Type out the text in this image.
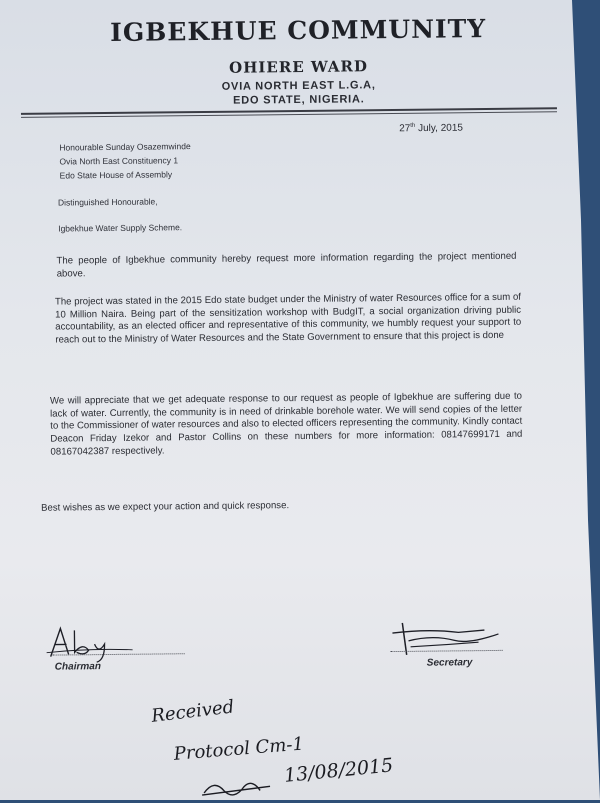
IGBEKHUE COMMUNITY
OHIERE WARD
OVIA NORTH EAST L.G.A,
EDO STATE, NIGERIA.
27th July, 2015
Honourable Sunday Osazemwinde
Ovia North East Constituency 1
Edo State House of Assembly
Distinguished Honourable,
Igbekhue Water Supply Scheme.
The people of Igbekhue community hereby request more information regarding the project mentioned above.
The project was stated in the 2015 Edo state budget under the Ministry of water Resources office for a sum of 10 Million Naira. Being part of the sensitization workshop with BudgIT, a social organization driving public accountability, as an elected officer and representative of this community, we humbly request your support to reach out to the Ministry of Water Resources and the State Government to ensure that this project is done
We will appreciate that we get adequate response to our request as people of Igbekhue are suffering due to lack of water. Currently, the community is in need of drinkable borehole water. We will send copies of the letter to the Commissioner of water resources and also to elected officers representing the community. Kindly contact Deacon Friday Izekor and Pastor Collins on these numbers for more information: 08147699171 and 08167042387 respectively.
Best wishes as we expect your action and quick response.
Chairman	Secretary
Received
Protocol Cm-1
13/08/2015
